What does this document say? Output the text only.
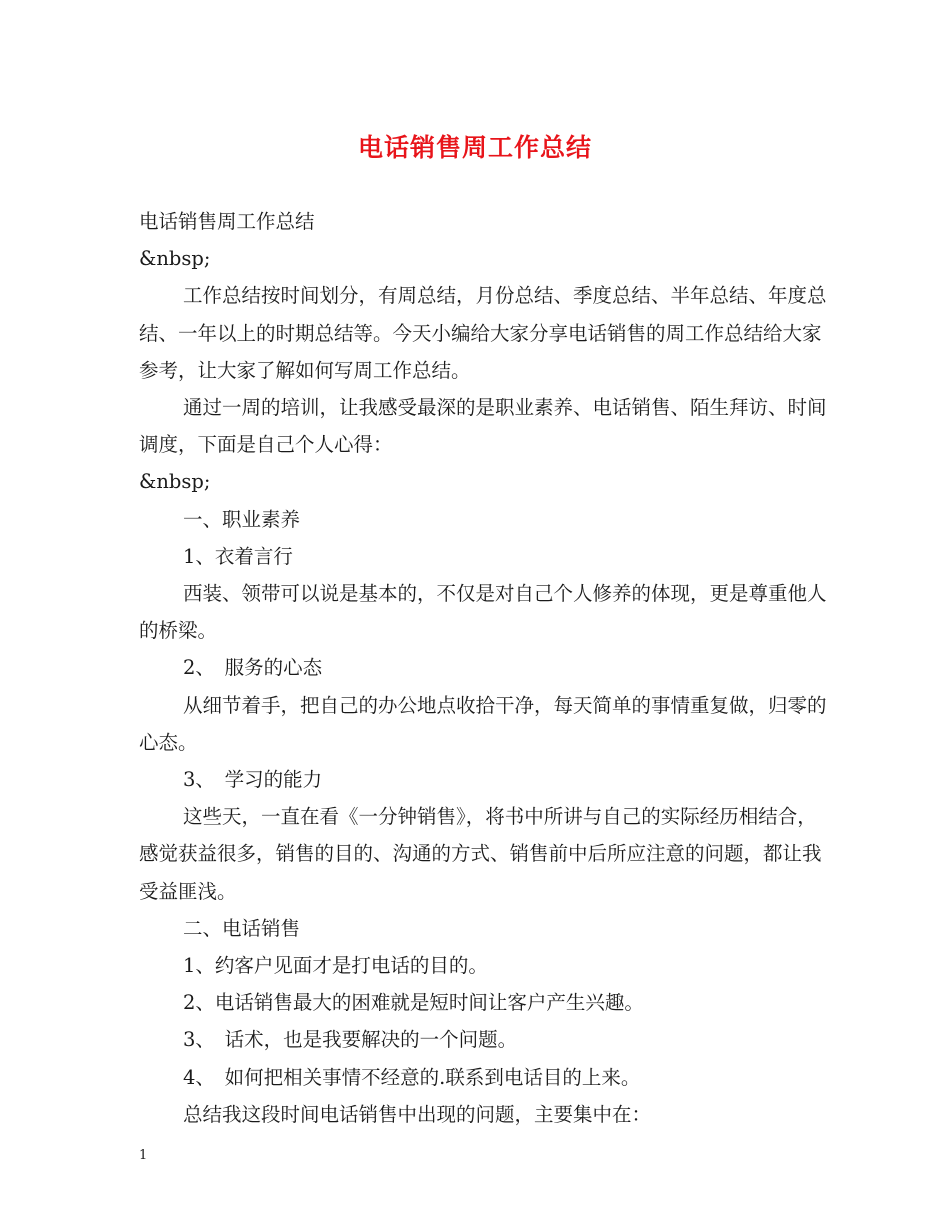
电话销售周工作总结

电话销售周工作总结

&nbsp;

工作总结按时间划分，有周总结，月份总结、季度总结、半年总结、年度总结、一年以上的时期总结等。今天小编给大家分享电话销售的周工作总结给大家参考，让大家了解如何写周工作总结。

通过一周的培训，让我感受最深的是职业素养、电话销售、陌生拜访、时间调度，下面是自己个人心得：

&nbsp;

一、职业素养

1、衣着言行

西装、领带可以说是基本的，不仅是对自己个人修养的体现，更是尊重他人的桥梁。

2、　服务的心态

从细节着手，把自己的办公地点收拾干净，每天简单的事情重复做，归零的心态。

3、　学习的能力

这些天，一直在看《一分钟销售》，将书中所讲与自己的实际经历相结合，感觉获益很多，销售的目的、沟通的方式、销售前中后所应注意的问题，都让我受益匪浅。

二、电话销售

1、约客户见面才是打电话的目的。

2、电话销售最大的困难就是短时间让客户产生兴趣。

3、　话术，也是我要解决的一个问题。

4、　如何把相关事情不经意的.联系到电话目的上来。

总结我这段时间电话销售中出现的问题，主要集中在：

1
